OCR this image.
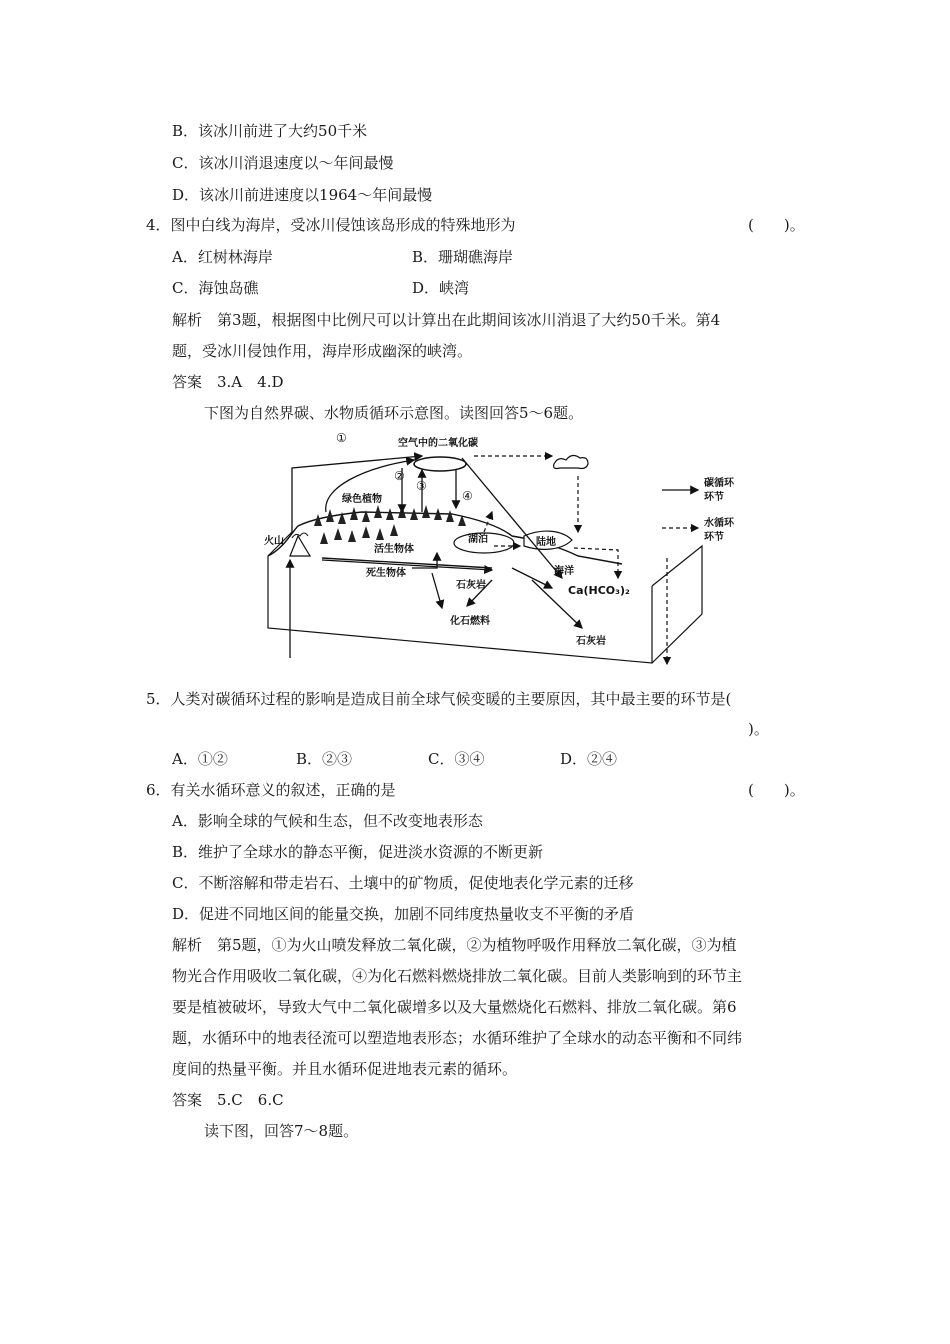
B．该冰川前进了大约50千米
C．该冰川消退速度以～年间最慢
D．该冰川前进速度以1964～年间最慢
4．图中白线为海岸，受冰川侵蚀该岛形成的特殊地形为	(　　)。
A．红树林海岸	B．珊瑚礁海岸
C．海蚀岛礁	D．峡湾
解析　第3题，根据图中比例尺可以计算出在此期间该冰川消退了大约50千米。第4
题，受冰川侵蚀作用，海岸形成幽深的峡湾。
答案　3.A　4.D
下图为自然界碳、水物质循环示意图。读图回答5～6题。
①	空气中的二氧化碳
②
③
④
绿色植物
火山
活生物体
死生物体
湖泊	陆地
海洋
石灰岩	Ca(HCO₃)₂
化石燃料
石灰岩
碳循环
环节
水循环
环节
5．人类对碳循环过程的影响是造成目前全球气候变暖的主要原因，其中最主要的环节是(
)。
A．①②	B．②③	C．③④	D．②④
6．有关水循环意义的叙述，正确的是	(　　)。
A．影响全球的气候和生态，但不改变地表形态
B．维护了全球水的静态平衡，促进淡水资源的不断更新
C．不断溶解和带走岩石、土壤中的矿物质，促使地表化学元素的迁移
D．促进不同地区间的能量交换，加剧不同纬度热量收支不平衡的矛盾
解析　第5题，①为火山喷发释放二氧化碳，②为植物呼吸作用释放二氧化碳，③为植
物光合作用吸收二氧化碳，④为化石燃料燃烧排放二氧化碳。目前人类影响到的环节主
要是植被破坏，导致大气中二氧化碳增多以及大量燃烧化石燃料、排放二氧化碳。第6
题，水循环中的地表径流可以塑造地表形态；水循环维护了全球水的动态平衡和不同纬
度间的热量平衡。并且水循环促进地表元素的循环。
答案　5.C　6.C
读下图，回答7～8题。
